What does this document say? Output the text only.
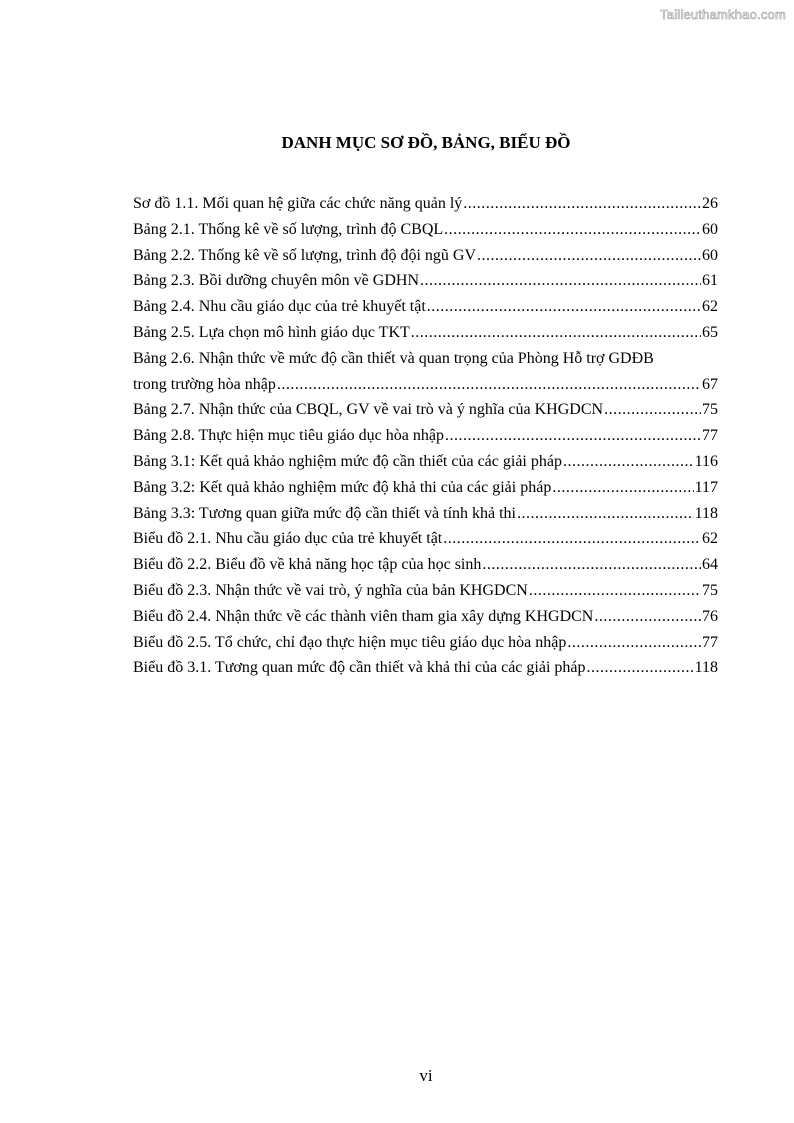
Tailieuthamkhao.com
DANH MỤC SƠ ĐỒ, BẢNG, BIỂU ĐỒ
Sơ đồ 1.1. Mối quan hệ giữa các chức năng quản lý .....	26
Bảng 2.1. Thống kê về số lượng, trình độ CBQL .....	60
Bảng 2.2. Thống kê về số lượng, trình độ đội ngũ GV .....	60
Bảng 2.3. Bồi dưỡng chuyên môn về GDHN .....	61
Bảng 2.4. Nhu cầu giáo dục của trẻ khuyết tật .....	62
Bảng 2.5. Lựa chọn mô hình giáo dục TKT .....	65
Bảng 2.6. Nhận thức về mức độ cần thiết và quan trọng của Phòng Hỗ trợ GDĐB
trong trường hòa nhập .....	67
Bảng 2.7. Nhận thức của CBQL, GV về vai trò và ý nghĩa của KHGDCN .....	75
Bảng 2.8. Thực hiện mục tiêu giáo dục hòa nhập .....	77
Bảng 3.1: Kết quả khảo nghiệm mức độ cần thiết của các giải pháp .....	116
Bảng 3.2: Kết quả khảo nghiệm mức độ khả thi của các giải pháp .....	117
Bảng 3.3: Tương quan giữa mức độ cần thiết và tính khả thi .....	118
Biểu đồ 2.1. Nhu cầu giáo dục của trẻ khuyết tật .....	62
Biểu đồ 2.2. Biểu đồ về khả năng học tập của học sinh .....	64
Biểu đồ 2.3. Nhận thức về vai trò, ý nghĩa của bản KHGDCN .....	75
Biểu đồ 2.4. Nhận thức về các thành viên tham gia xây dựng KHGDCN .....	76
Biểu đồ 2.5. Tổ chức, chỉ đạo thực hiện mục tiêu giáo dục hòa nhập .....	77
Biểu đồ 3.1. Tương quan mức độ cần thiết và khả thi của các giải pháp .....	118
vi
